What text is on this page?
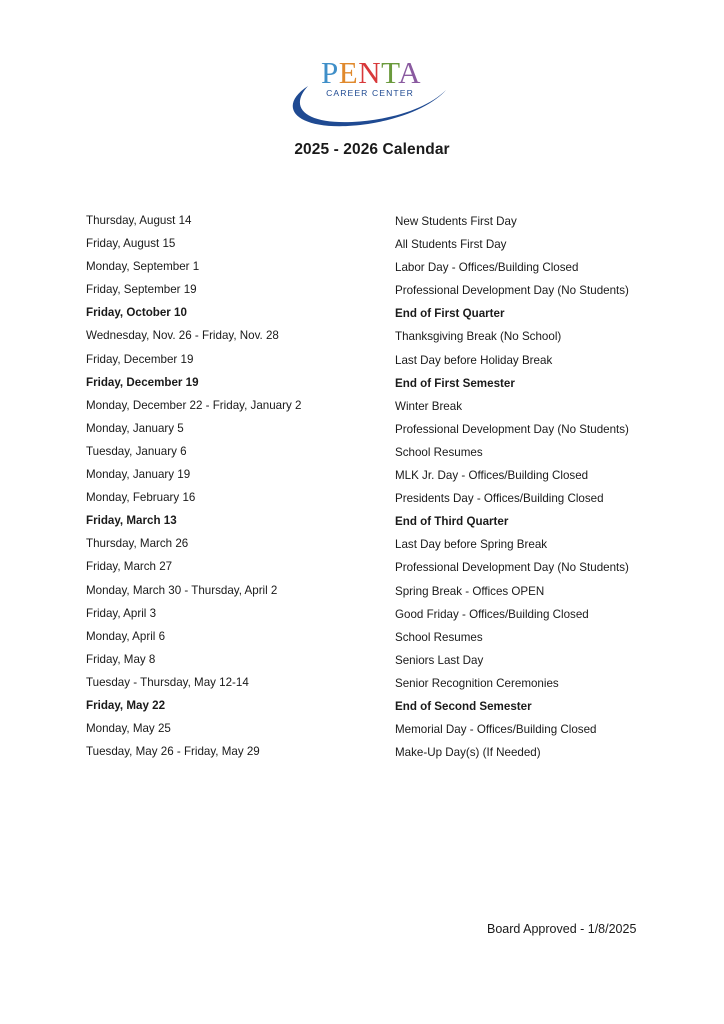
PENTA
CAREER CENTER
2025 - 2026 Calendar
Thursday, August 14	New Students First Day
Friday, August 15	All Students First Day
Monday, September 1	Labor Day - Offices/Building Closed
Friday, September 19	Professional Development Day (No Students)
Friday, October 10	End of First Quarter
Wednesday, Nov. 26 - Friday, Nov. 28	Thanksgiving Break (No School)
Friday, December 19	Last Day before Holiday Break
Friday, December 19	End of First Semester
Monday, December 22 - Friday, January 2	Winter Break
Monday, January 5	Professional Development Day (No Students)
Tuesday, January 6	School Resumes
Monday, January 19	MLK Jr. Day - Offices/Building Closed
Monday, February 16	Presidents Day - Offices/Building Closed
Friday, March 13	End of Third Quarter
Thursday, March 26	Last Day before Spring Break
Friday, March 27	Professional Development Day (No Students)
Monday, March 30 - Thursday, April 2	Spring Break - Offices OPEN
Friday, April 3	Good Friday - Offices/Building Closed
Monday, April 6	School Resumes
Friday, May 8	Seniors Last Day
Tuesday - Thursday, May 12-14	Senior Recognition Ceremonies
Friday, May 22	End of Second Semester
Monday, May 25	Memorial Day - Offices/Building Closed
Tuesday, May 26 - Friday, May 29	Make-Up Day(s) (If Needed)
Board Approved - 1/8/2025
